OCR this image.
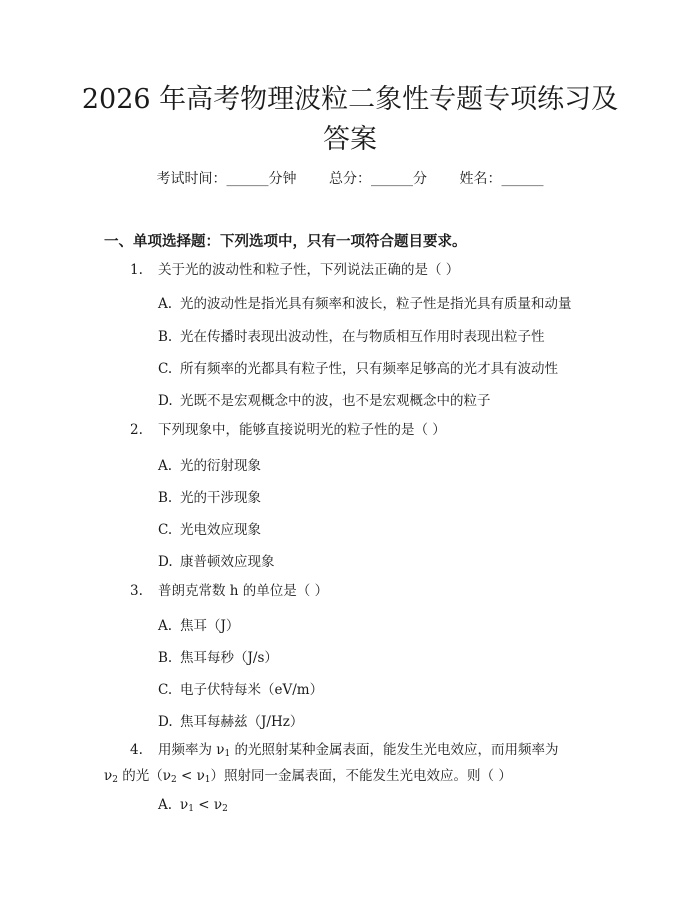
2026 年高考物理波粒二象性专题专项练习及
答案
考试时间：______分钟 总分：______分 姓名：______
一、单项选择题：下列选项中，只有一项符合题目要求。
1. 关于光的波动性和粒子性，下列说法正确的是（ ）
A. 光的波动性是指光具有频率和波长，粒子性是指光具有质量和动量
B. 光在传播时表现出波动性，在与物质相互作用时表现出粒子性
C. 所有频率的光都具有粒子性，只有频率足够高的光才具有波动性
D. 光既不是宏观概念中的波，也不是宏观概念中的粒子
2. 下列现象中，能够直接说明光的粒子性的是（ ）
A. 光的衍射现象
B. 光的干涉现象
C. 光电效应现象
D. 康普顿效应现象
3. 普朗克常数 h 的单位是（ ）
A. 焦耳（J）
B. 焦耳每秒（J/s）
C. 电子伏特每米（eV/m）
D. 焦耳每赫兹（J/Hz）
4. 用频率为 $\nu_1$ 的光照射某种金属表面，能发生光电效应，而用频率为
$\nu_2$ 的光$(\nu_2 < \nu_1)$照射同一金属表面，不能发生光电效应。则（ ）
A. $\nu_1 < \nu_2$
